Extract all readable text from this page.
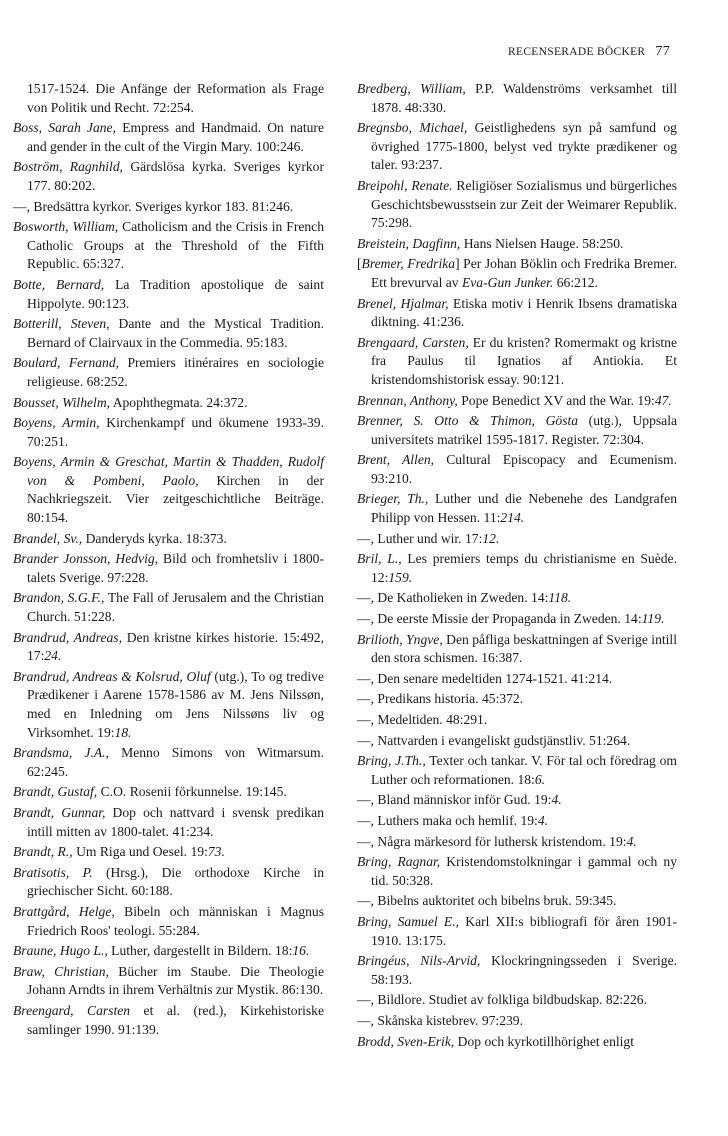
RECENSERADE BÖCKER 77
1517-1524. Die Anfänge der Reformation als Frage von Politik und Recht. 72:254.
Boss, Sarah Jane, Empress and Handmaid. On nature and gender in the cult of the Virgin Mary. 100:246.
Boström, Ragnhild, Gärdslösa kyrka. Sveriges kyrkor 177. 80:202.
—, Bredsättra kyrkor. Sveriges kyrkor 183. 81:246.
Bosworth, William, Catholicism and the Crisis in French Catholic Groups at the Threshold of the Fifth Republic. 65:327.
Botte, Bernard, La Tradition apostolique de saint Hippolyte. 90:123.
Botterill, Steven, Dante and the Mystical Tradition. Bernard of Clairvaux in the Commedia. 95:183.
Boulard, Fernand, Premiers itinéraires en sociologie religieuse. 68:252.
Bousset, Wilhelm, Apophthegmata. 24:372.
Boyens, Armin, Kirchenkampf und ökumene 1933-39. 70:251.
Boyens, Armin & Greschat, Martin & Thadden, Rudolf von & Pombeni, Paolo, Kirchen in der Nachkriegszeit. Vier zeitgeschichtliche Beiträge. 80:154.
Brandel, Sv., Danderyds kyrka. 18:373.
Brander Jonsson, Hedvig, Bild och fromhetsliv i 1800-talets Sverige. 97:228.
Brandon, S.G.F., The Fall of Jerusalem and the Christian Church. 51:228.
Brandrud, Andreas, Den kristne kirkes historie. 15:492, 17:24.
Brandrud, Andreas & Kolsrud, Oluf (utg.), To og tredive Prædikener i Aarene 1578-1586 av M. Jens Nilssøn, med en Inledning om Jens Nilssøns liv og Virksomhet. 19:18.
Brandsma, J.A., Menno Simons von Witmarsum. 62:245.
Brandt, Gustaf, C.O. Rosenii förkunnelse. 19:145.
Brandt, Gunnar, Dop och nattvard i svensk predikan intill mitten av 1800-talet. 41:234.
Brandt, R., Um Riga und Oesel. 19:73.
Bratisotis, P. (Hrsg.), Die orthodoxe Kirche in griechischer Sicht. 60:188.
Brattgård, Helge, Bibeln och människan i Magnus Friedrich Roos' teologi. 55:284.
Braune, Hugo L., Luther, dargestellt in Bildern. 18:16.
Braw, Christian, Bücher im Staube. Die Theologie Johann Arndts in ihrem Verhältnis zur Mystik. 86:130.
Breengard, Carsten et al. (red.), Kirkehistoriske samlinger 1990. 91:139.
Bredberg, William, P.P. Waldenströms verksamhet till 1878. 48:330.
Bregnsbo, Michael, Geistlighedens syn på samfund og övrighed 1775-1800, belyst ved trykte prædikener og taler. 93:237.
Breipohl, Renate. Religiöser Sozialismus und bürgerliches Geschichtsbewusstsein zur Zeit der Weimarer Republik. 75:298.
Breistein, Dagfinn, Hans Nielsen Hauge. 58:250.
[Bremer, Fredrika] Per Johan Böklin och Fredrika Bremer. Ett brevurval av Eva-Gun Junker. 66:212.
Brenel, Hjalmar, Etiska motiv i Henrik Ibsens dramatiska diktning. 41:236.
Brengaard, Carsten, Er du kristen? Romermakt og kristne fra Paulus til Ignatios af Antiokia. Et kristendomshistorisk essay. 90:121.
Brennan, Anthony, Pope Benedict XV and the War. 19:47.
Brenner, S. Otto & Thimon, Gösta (utg.), Uppsala universitets matrikel 1595-1817. Register. 72:304.
Brent, Allen, Cultural Episcopacy and Ecumenism. 93:210.
Brieger, Th., Luther und die Nebenehe des Landgrafen Philipp von Hessen. 11:214.
—, Luther und wir. 17:12.
Bril, L., Les premiers temps du christianisme en Suède. 12:159.
—, De Katholieken in Zweden. 14:118.
—, De eerste Missie der Propaganda in Zweden. 14:119.
Brilioth, Yngve, Den påfliga beskattningen af Sverige intill den stora schismen. 16:387.
—, Den senare medeltiden 1274-1521. 41:214.
—, Predikans historia. 45:372.
—, Medeltiden. 48:291.
—, Nattvarden i evangeliskt gudstjänstliv. 51:264.
Bring, J.Th., Texter och tankar. V. För tal och föredrag om Luther och reformationen. 18:6.
—, Bland människor inför Gud. 19:4.
—, Luthers maka och hemlif. 19:4.
—, Några märkesord för luthersk kristendom. 19:4.
Bring, Ragnar, Kristendomstolkningar i gammal och ny tid. 50:328.
—, Bibelns auktoritet och bibelns bruk. 59:345.
Bring, Samuel E., Karl XII:s bibliografi för åren 1901-1910. 13:175.
Bringéus, Nils-Arvid, Klockringningsseden i Sverige. 58:193.
—, Bildlore. Studiet av folkliga bildbudskap. 82:226.
—, Skånska kistebrev. 97:239.
Brodd, Sven-Erik, Dop och kyrkotillhörighet enligt
